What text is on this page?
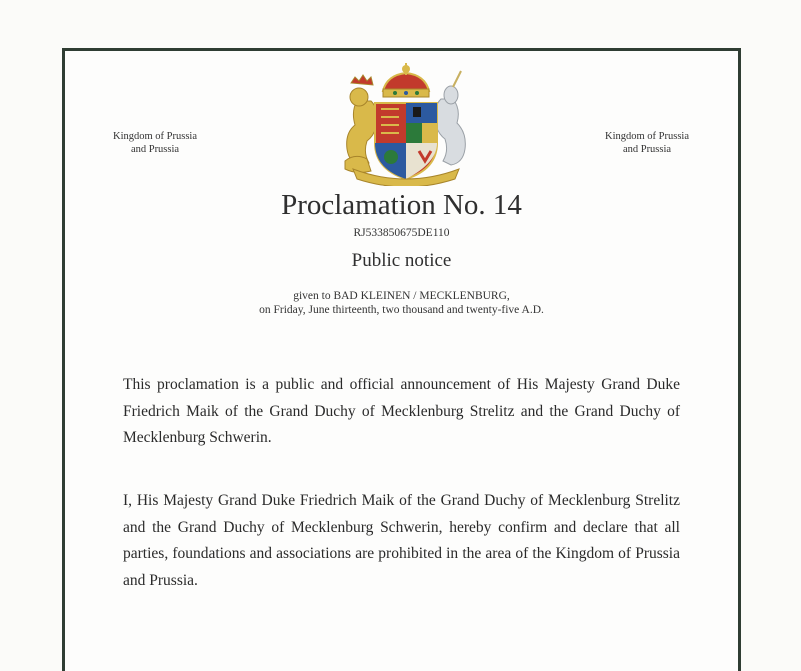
Kingdom of Prussia
and Prussia
Kingdom of Prussia
and Prussia
Proclamation No. 14
RJ533850675DE110
Public notice
given to BAD KLEINEN / MECKLENBURG,
on Friday, June thirteenth, two thousand and twenty-five A.D.

This proclamation is a public and official announcement of His Majesty Grand Duke Friedrich Maik of the Grand Duchy of Mecklenburg Strelitz and the Grand Duchy of Mecklenburg Schwerin.

I, His Majesty Grand Duke Friedrich Maik of the Grand Duchy of Mecklenburg Strelitz and the Grand Duchy of Mecklenburg Schwerin, hereby confirm and declare that all parties, foundations and associations are prohibited in the area of the Kingdom of Prussia and Prussia.
